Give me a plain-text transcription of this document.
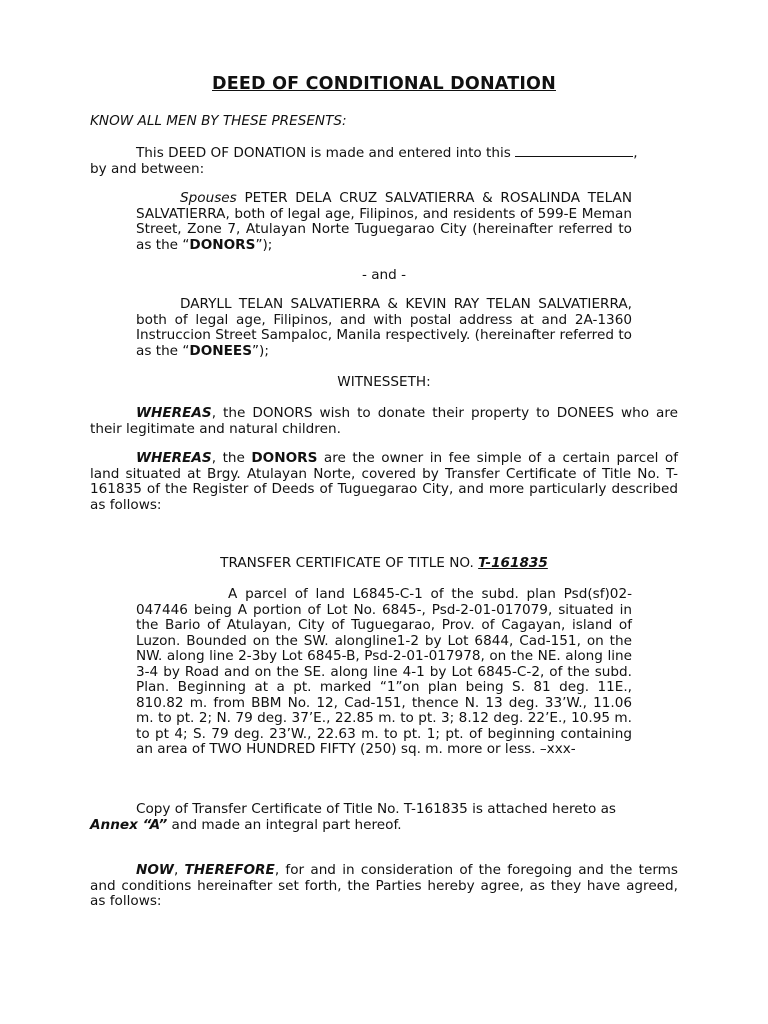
DEED OF CONDITIONAL DONATION

KNOW ALL MEN BY THESE PRESENTS:

This DEED OF DONATION is made and entered into this	,
by and between:

Spouses PETER DELA CRUZ SALVATIERRA & ROSALINDA TELAN SALVATIERRA, both of legal age, Filipinos, and residents of 599-E Meman Street, Zone 7, Atulayan Norte Tuguegarao City (hereinafter referred to as the “DONORS”);

- and -

DARYLL TELAN SALVATIERRA & KEVIN RAY TELAN SALVATIERRA, both of legal age, Filipinos, and with postal address at and 2A-1360 Instruccion Street Sampaloc, Manila respectively. (hereinafter referred to as the “DONEES”);

WITNESSETH:

WHEREAS, the DONORS wish to donate their property to DONEES who are their legitimate and natural children.

WHEREAS, the DONORS are the owner in fee simple of a certain parcel of land situated at Brgy. Atulayan Norte, covered by Transfer Certificate of Title No. T-161835 of the Register of Deeds of Tuguegarao City, and more particularly described as follows:

TRANSFER CERTIFICATE OF TITLE NO. T-161835

A parcel of land L6845-C-1 of the subd. plan Psd(sf)02-047446 being A portion of Lot No. 6845-, Psd-2-01-017079, situated in the Bario of Atulayan, City of Tuguegarao, Prov. of Cagayan, island of Luzon. Bounded on the SW. alongline1-2 by Lot 6844, Cad-151, on the NW. along line 2-3by Lot 6845-B, Psd-2-01-017978, on the NE. along line 3-4 by Road and on the SE. along line 4-1 by Lot 6845-C-2, of the subd. Plan. Beginning at a pt. marked “1”on plan being S. 81 deg. 11E., 810.82 m. from BBM No. 12, Cad-151, thence N. 13 deg. 33’W., 11.06 m. to pt. 2; N. 79 deg. 37’E., 22.85 m. to pt. 3; 8.12 deg. 22’E., 10.95 m. to pt 4; S. 79 deg. 23’W., 22.63 m. to pt. 1; pt. of beginning containing an area of TWO HUNDRED FIFTY (250) sq. m. more or less. –xxx-

Copy of Transfer Certificate of Title No. T-161835 is attached hereto as
Annex “A” and made an integral part hereof.

NOW, THEREFORE, for and in consideration of the foregoing and the terms and conditions hereinafter set forth, the Parties hereby agree, as they have agreed, as follows:
